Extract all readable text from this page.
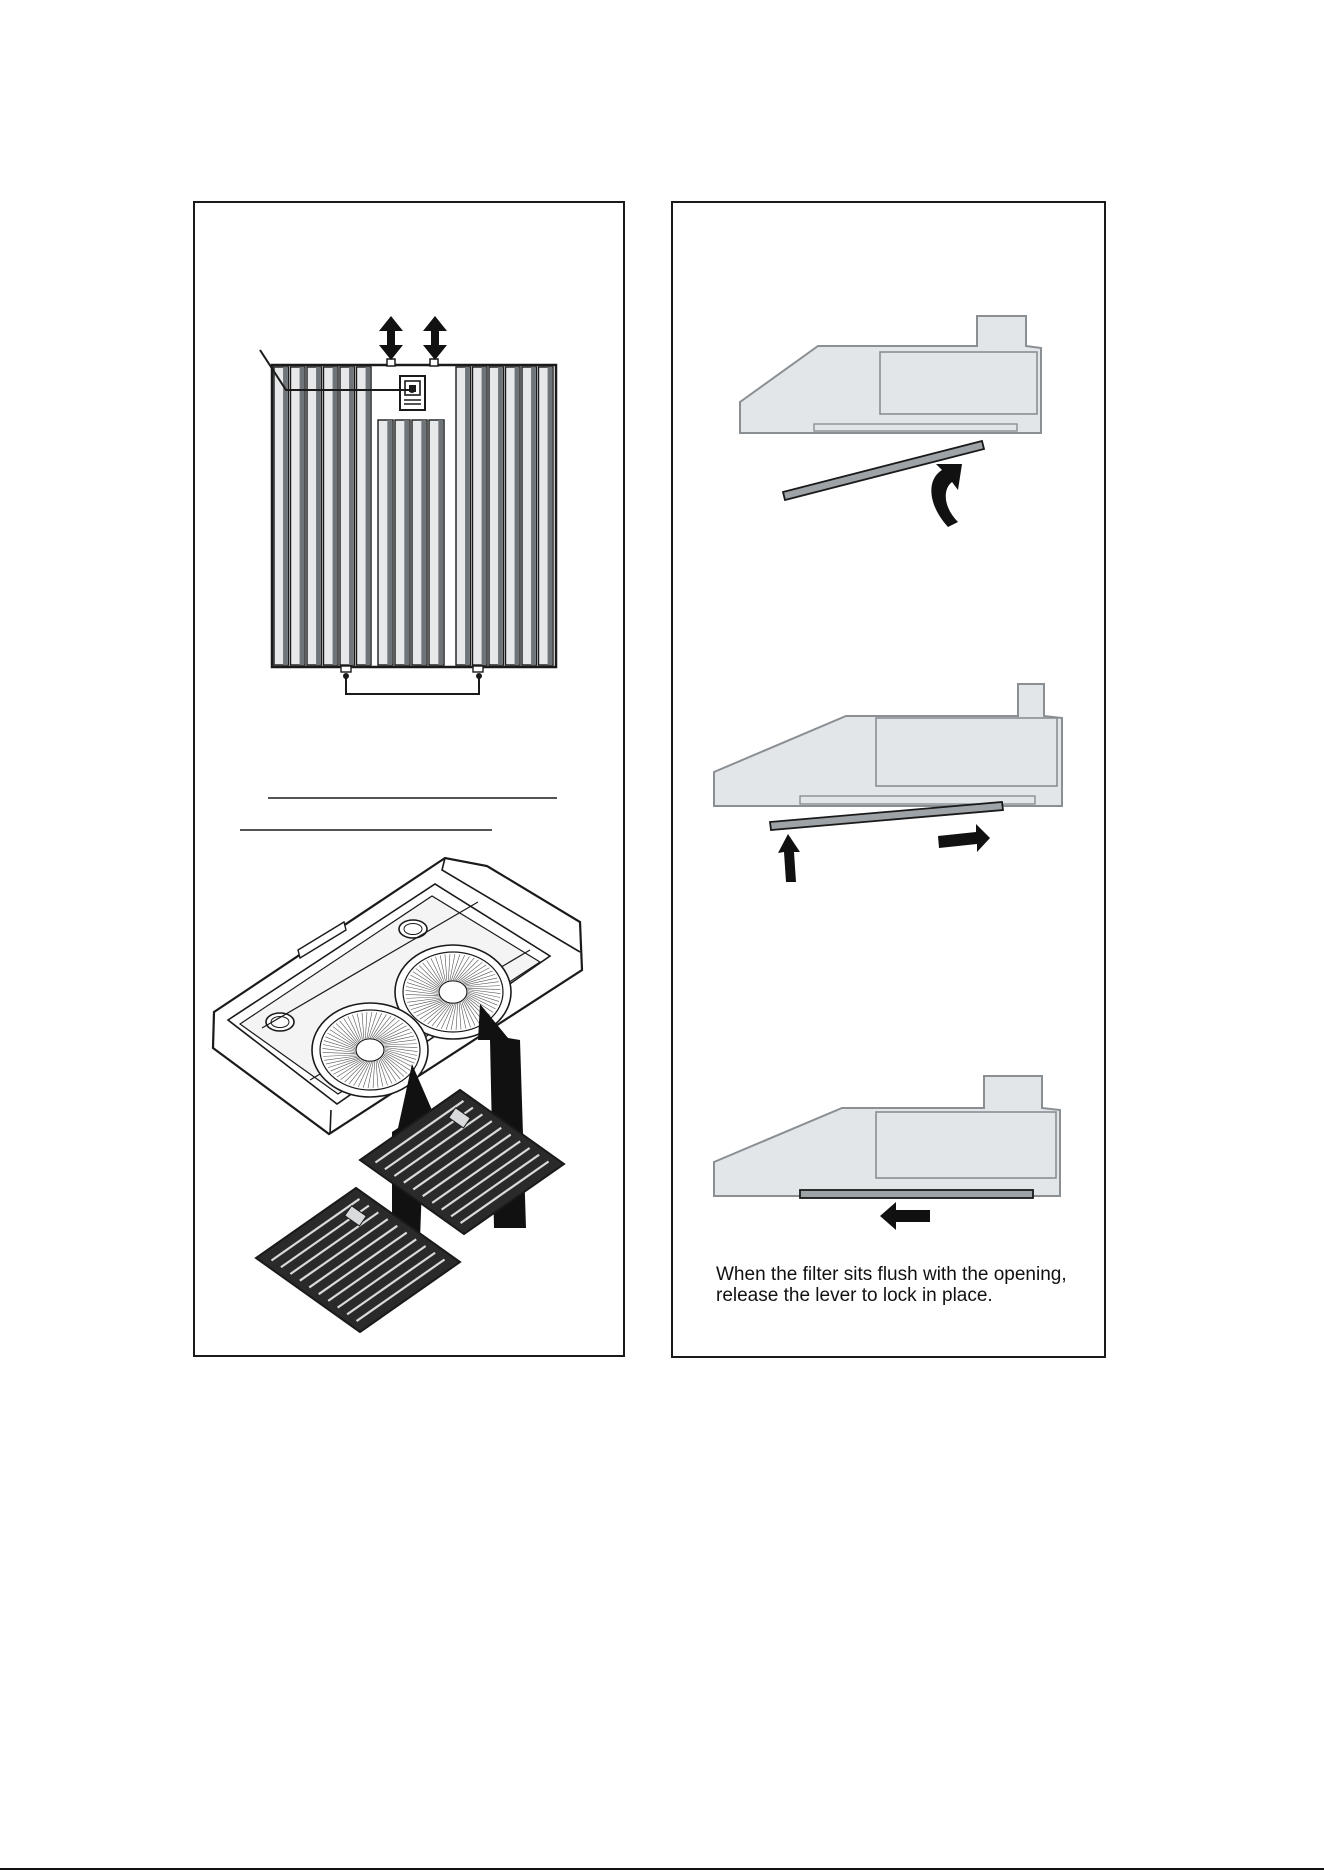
When the filter sits flush with the opening,
release the lever to lock in place.
